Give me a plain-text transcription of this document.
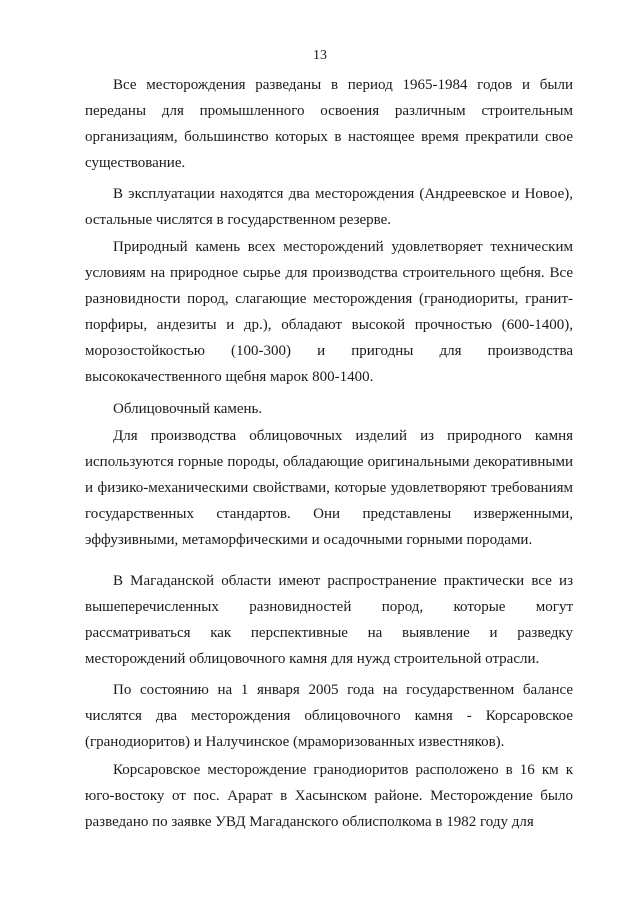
13

Все месторождения разведаны в период 1965-1984 годов и были переданы для промышленного освоения различным строительным организациям, большинство которых в настоящее время прекратили свое существование.

В эксплуатации находятся два месторождения (Андреевское и Новое), остальные числятся в государственном резерве.

Природный камень всех месторождений удовлетворяет техническим условиям на природное сырье для производства строительного щебня. Все разновидности пород, слагающие месторождения (гранодиориты, гранит-порфиры, андезиты и др.), обладают высокой прочностью (600-1400), морозостойкостью (100-300) и пригодны для производства высококачественного щебня марок 800-1400.

Облицовочный камень.

Для производства облицовочных изделий из природного камня используются горные породы, обладающие оригинальными декоративными и физико-механическими свойствами, которые удовлетворяют требованиям государственных стандартов. Они представлены изверженными, эффузивными, метаморфическими и осадочными горными породами.

В Магаданской области имеют распространение практически все из вышеперечисленных разновидностей пород, которые могут рассматриваться как перспективные на выявление и разведку месторождений облицовочного камня для нужд строительной отрасли.

По состоянию на 1 января 2005 года на государственном балансе числятся два месторождения облицовочного камня - Корсаровское (гранодиоритов) и Налучинское (мраморизованных известняков).

Корсаровское месторождение гранодиоритов расположено в 16 км к юго-востоку от пос. Арарат в Хасынском районе. Месторождение было разведано по заявке УВД Магаданского облисполкома в 1982 году для
